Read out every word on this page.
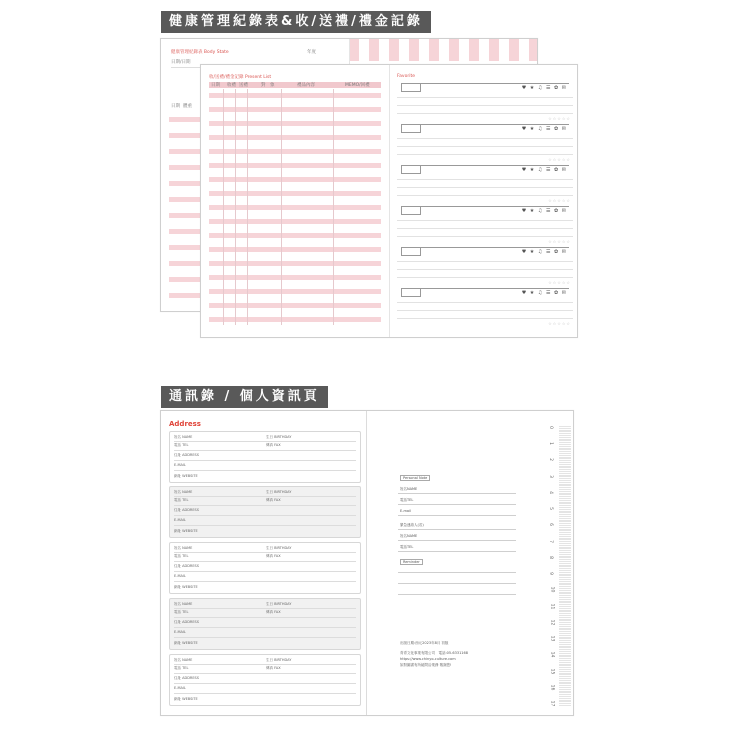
健康管理紀錄表&收/送禮/禮金記錄
健康管理紀錄表 Body State	年度
日期/日期
日期 體重
收/送禮/禮金記錄 Present List
日期 收禮 送禮	對　象	禮品內容	MEMO/回禮
Favorite
♥ ★ ♫ ☰ ✿ ✉
☆☆☆☆☆
♥ ★ ♫ ☰ ✿ ✉
☆☆☆☆☆
♥ ★ ♫ ☰ ✿ ✉
☆☆☆☆☆
♥ ★ ♫ ☰ ✿ ✉
☆☆☆☆☆
♥ ★ ♫ ☰ ✿ ✉
☆☆☆☆☆
♥ ★ ♫ ☰ ✿ ✉
☆☆☆☆☆
通訊錄 / 個人資訊頁
Address
姓名 NAME	生日 BIRTHDAY
電話 TEL	傳真 FAX
住址 ADDRESS
E-MAIL
網址 WEBSITE
姓名 NAME	生日 BIRTHDAY
電話 TEL	傳真 FAX
住址 ADDRESS
E-MAIL
網址 WEBSITE
姓名 NAME	生日 BIRTHDAY
電話 TEL	傳真 FAX
住址 ADDRESS
E-MAIL
網址 WEBSITE
姓名 NAME	生日 BIRTHDAY
電話 TEL	傳真 FAX
住址 ADDRESS
E-MAIL
網址 WEBSITE
姓名 NAME	生日 BIRTHDAY
電話 TEL	傳真 FAX
住址 ADDRESS
E-MAIL
網址 WEBSITE
Personal Note
姓名NAME
電話TEL
E-mail
緊急連絡人(若)
姓名NAME
電話TEL
Reminder
出版日期:西元2023年8月 初版
青青文化事業有限公司　電話:05-6331168
https://www.chinyo-culture.com
如對圖書有所疑問洽業務 敬謝您!
0
1
2
3
4
5
6
7
8
9
10
11
12
13
14
15
16
17
